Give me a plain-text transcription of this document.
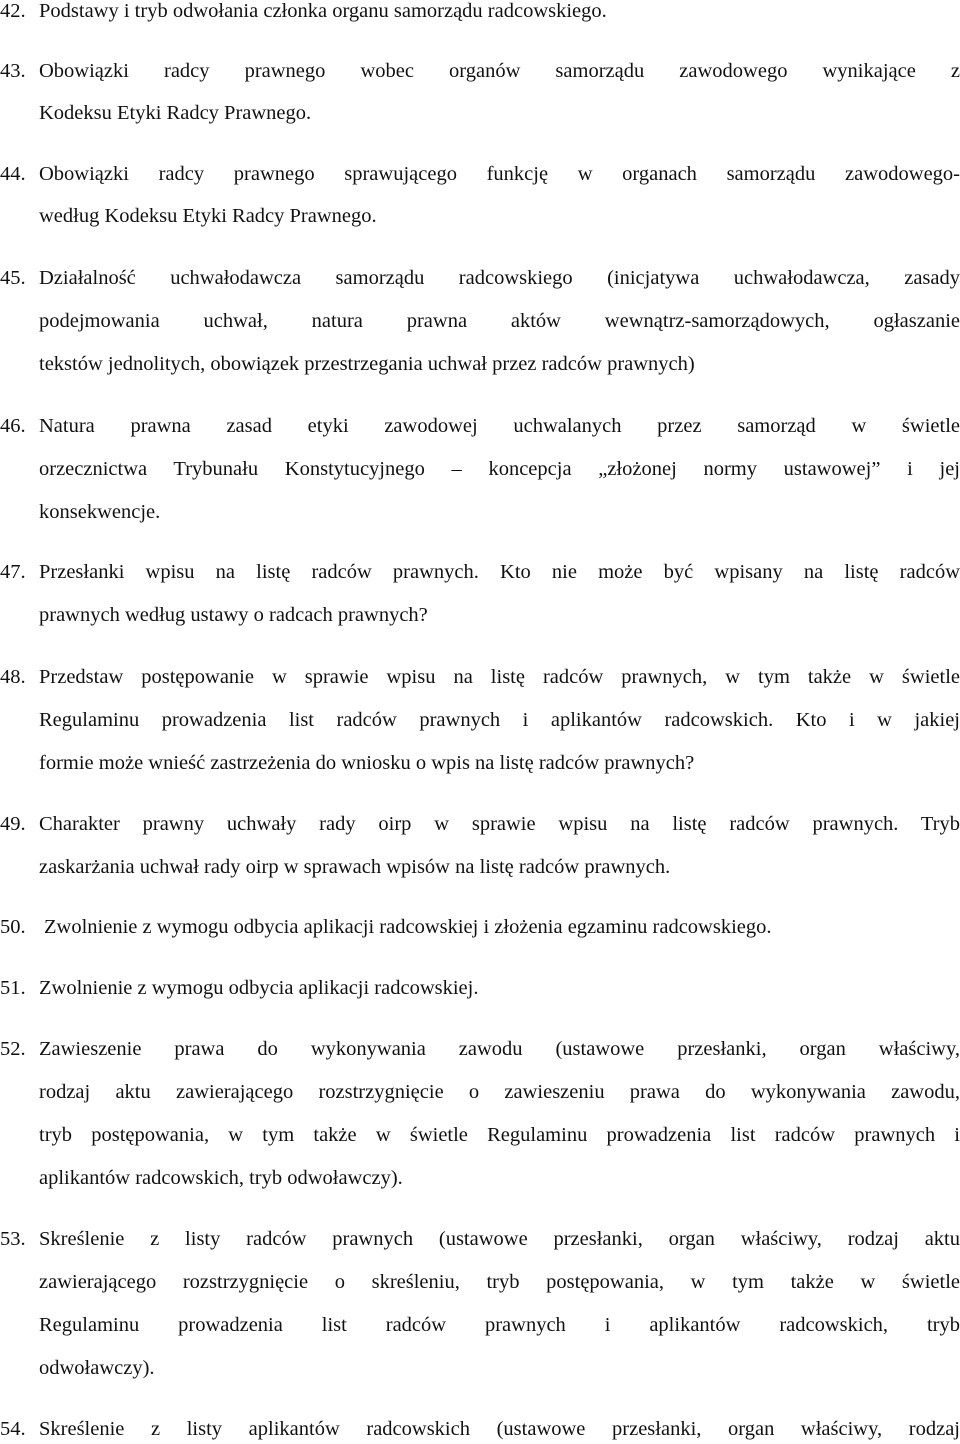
42. Podstawy i tryb odwołania członka organu samorządu radcowskiego.
43. Obowiązki radcy prawnego wobec organów samorządu zawodowego wynikające z
Kodeksu Etyki Radcy Prawnego.
44. Obowiązki radcy prawnego sprawującego funkcję w organach samorządu zawodowego-
według Kodeksu Etyki Radcy Prawnego.
45. Działalność uchwałodawcza samorządu radcowskiego (inicjatywa uchwałodawcza, zasady
podejmowania uchwał, natura prawna aktów wewnątrz-samorządowych, ogłaszanie
tekstów jednolitych, obowiązek przestrzegania uchwał przez radców prawnych)
46. Natura prawna zasad etyki zawodowej uchwalanych przez samorząd w świetle
orzecznictwa Trybunału Konstytucyjnego – koncepcja „złożonej normy ustawowej” i jej
konsekwencje.
47. Przesłanki wpisu na listę radców prawnych. Kto nie może być wpisany na listę radców
prawnych według ustawy o radcach prawnych?
48. Przedstaw postępowanie w sprawie wpisu na listę radców prawnych, w tym także w świetle
Regulaminu prowadzenia list radców prawnych i aplikantów radcowskich. Kto i w jakiej
formie może wnieść zastrzeżenia do wniosku o wpis na listę radców prawnych?
49. Charakter prawny uchwały rady oirp w sprawie wpisu na listę radców prawnych. Tryb
zaskarżania uchwał rady oirp w sprawach wpisów na listę radców prawnych.
50. Zwolnienie z wymogu odbycia aplikacji radcowskiej i złożenia egzaminu radcowskiego.
51. Zwolnienie z wymogu odbycia aplikacji radcowskiej.
52. Zawieszenie prawa do wykonywania zawodu (ustawowe przesłanki, organ właściwy,
rodzaj aktu zawierającego rozstrzygnięcie o zawieszeniu prawa do wykonywania zawodu,
tryb postępowania, w tym także w świetle Regulaminu prowadzenia list radców prawnych i
aplikantów radcowskich, tryb odwoławczy).
53. Skreślenie z listy radców prawnych (ustawowe przesłanki, organ właściwy, rodzaj aktu
zawierającego rozstrzygnięcie o skreśleniu, tryb postępowania, w tym także w świetle
Regulaminu prowadzenia list radców prawnych i aplikantów radcowskich, tryb
odwoławczy).
54. Skreślenie z listy aplikantów radcowskich (ustawowe przesłanki, organ właściwy, rodzaj
